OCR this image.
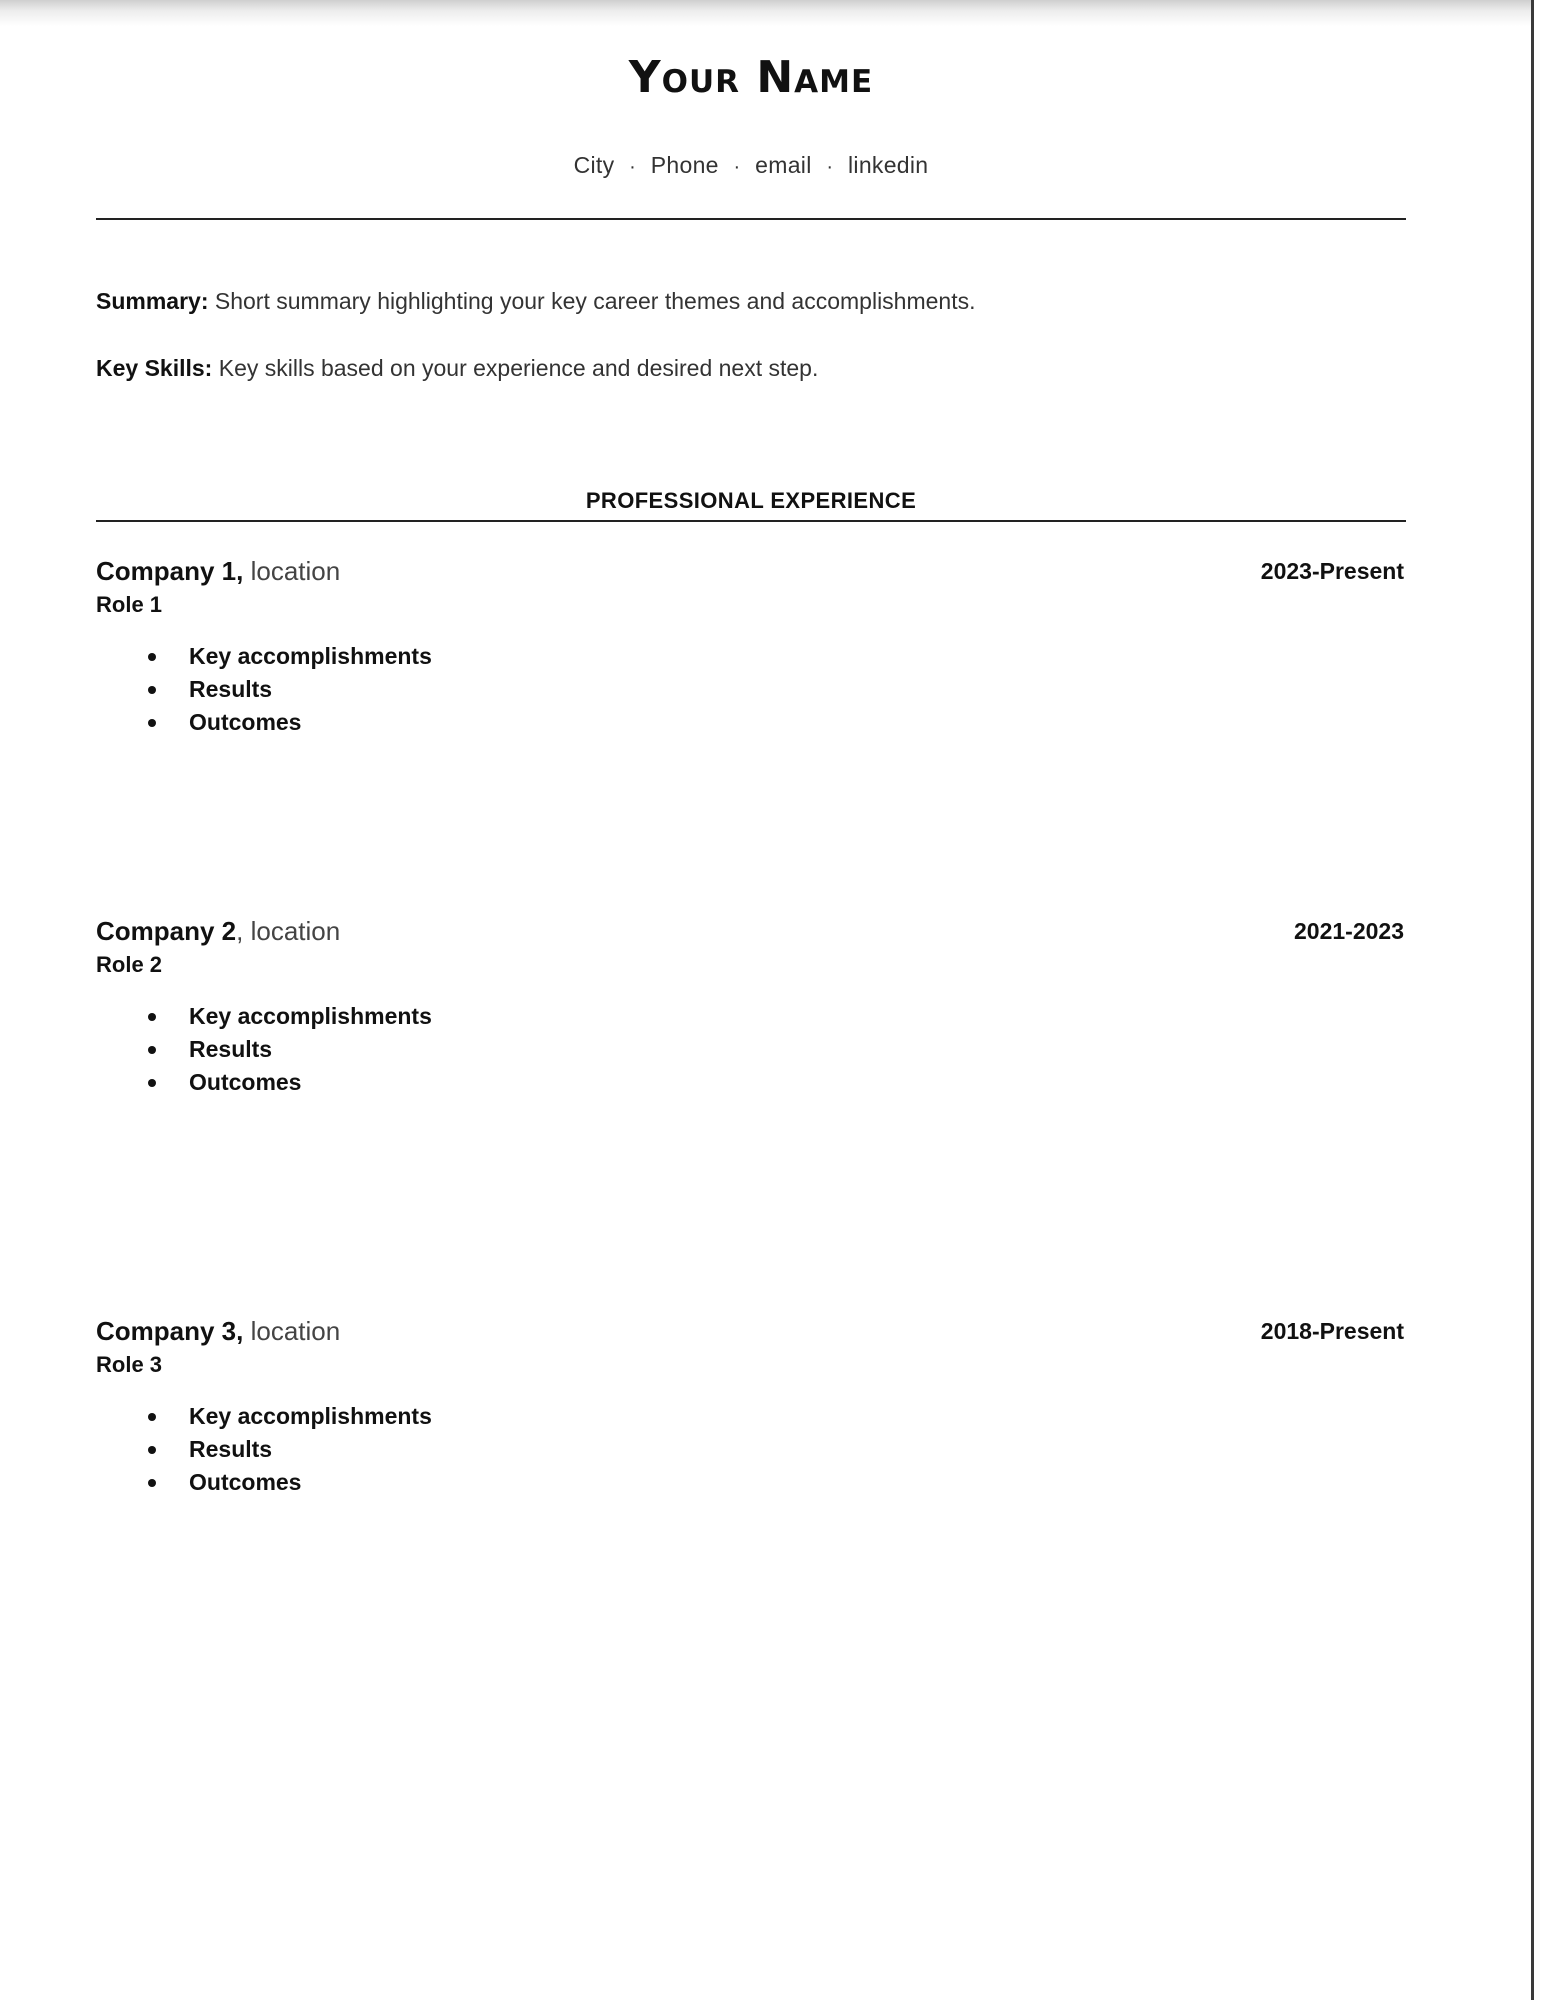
Your Name
City · Phone · email · linkedin
Summary: Short summary highlighting your key career themes and accomplishments.
Key Skills: Key skills based on your experience and desired next step.
PROFESSIONAL EXPERIENCE
Company 1, location	2023-Present
Role 1
Key accomplishments
Results
Outcomes
Company 2, location	2021-2023
Role 2
Key accomplishments
Results
Outcomes
Company 3, location	2018-Present
Role 3
Key accomplishments
Results
Outcomes
